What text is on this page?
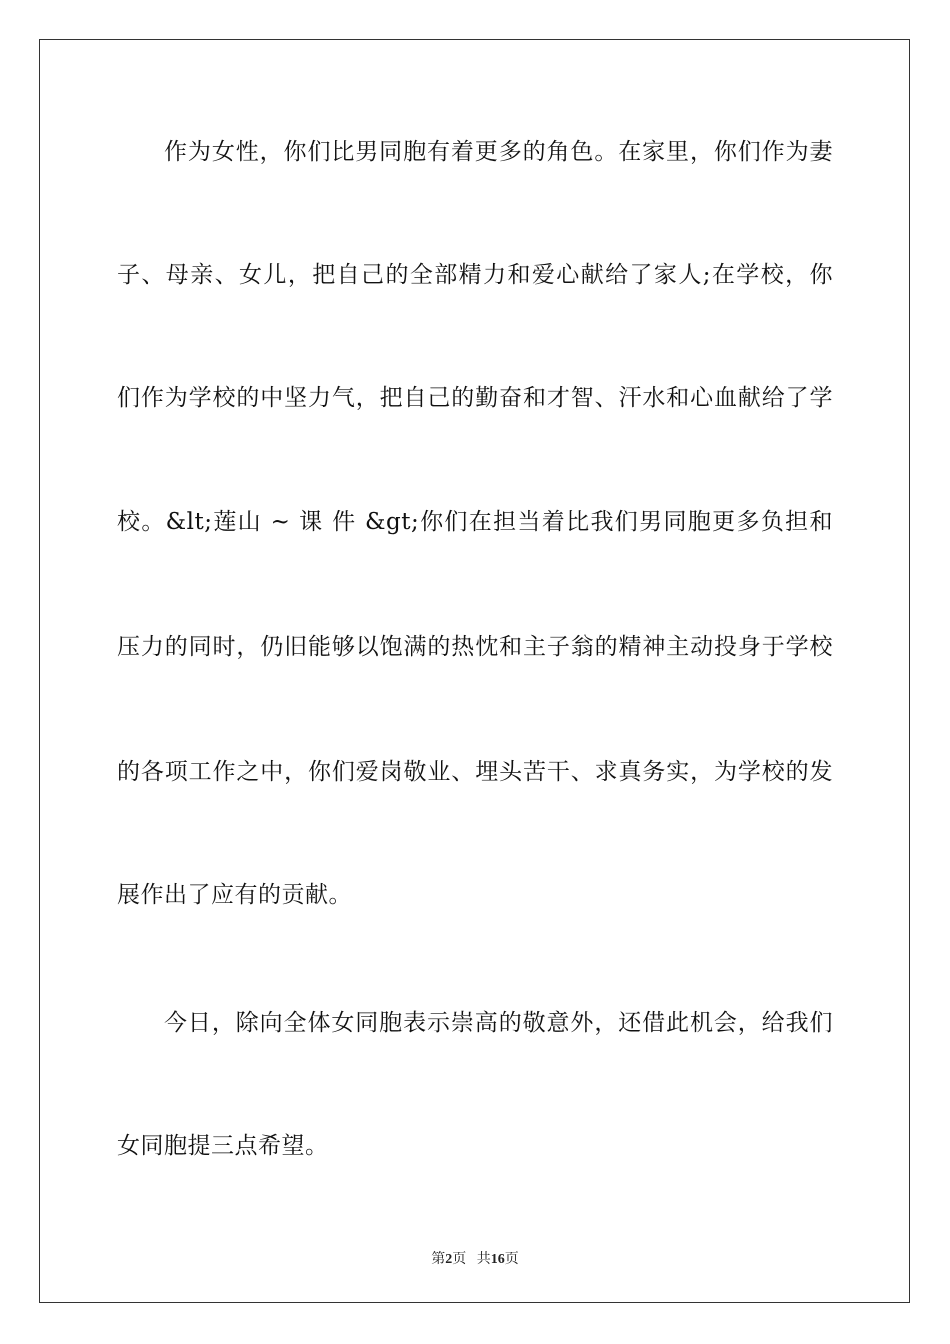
作为女性，你们比男同胞有着更多的角色。在家里，你们作为妻
子、母亲、女儿，把自己的全部精力和爱心献给了家人;在学校，你
们作为学校的中坚力气，把自己的勤奋和才智、汗水和心血献给了学
校。&lt;莲山 ~ 课 件 &gt;你们在担当着比我们男同胞更多负担和
压力的同时，仍旧能够以饱满的热忱和主子翁的精神主动投身于学校
的各项工作之中，你们爱岗敬业、埋头苦干、求真务实，为学校的发
展作出了应有的贡献。
今日，除向全体女同胞表示崇高的敬意外，还借此机会，给我们
女同胞提三点希望。
第2页 共16页
